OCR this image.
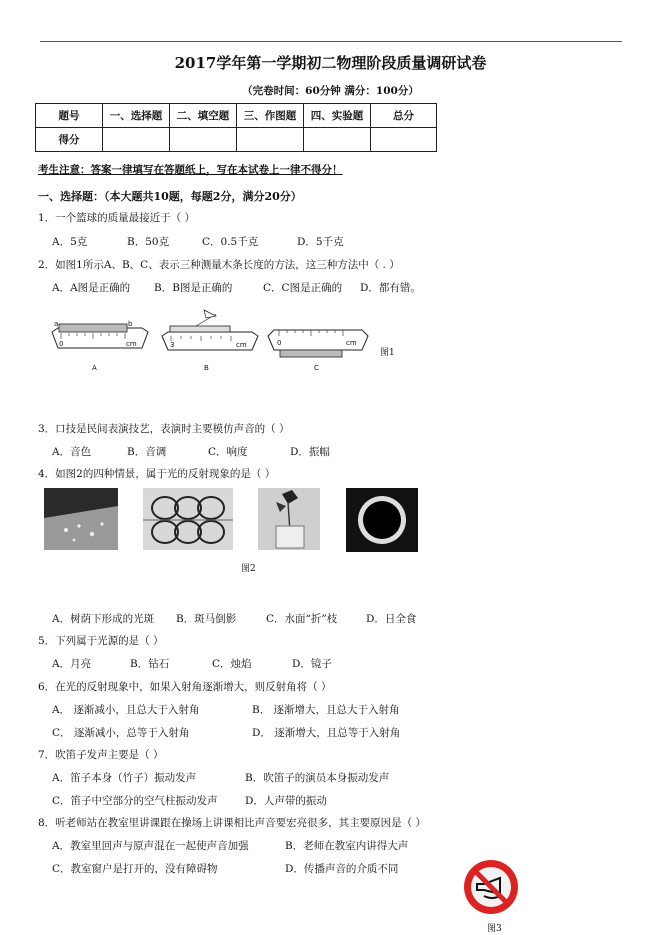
2017学年第一学期初二物理阶段质量调研试卷
（完卷时间：60分钟 满分：100分）
题号	一、选择题	二、填空题	三、作图题	四、实验题	总分
得分					
考生注意：答案一律填写在答题纸上，写在本试卷上一律不得分！
一、选择题：（本大题共10题，每题2分，满分20分）
1．一个篮球的质量最接近于（ ）
A．5克	B．50克	C．0.5千克	D．5千克
2．如图1所示A、B、C、表示三种测量木条长度的方法，这三种方法中（ . ）
A．A图是正确的 B．B图是正确的	C．C图是正确的 D．都有错。
0	cm
a	b
A
3	cm
B
0	cm
C
图1
3．口技是民间表演技艺，表演时主要模仿声音的（ ）
A．音色	B．音调	C．响度	D．振幅
4．如图2的四种情景，属于光的反射现象的是（ ）
图2
A．树荫下形成的光斑 B．斑马倒影	C．水面“折”枝	D．日全食
5．下列属于光源的是（ ）
A．月亮	B．钻石	C．烛焰	D．镜子
6．在光的反射现象中，如果入射角逐渐增大，则反射角将（ ）
A． 逐渐减小，且总大于入射角	B． 逐渐增大，且总大于入射角
C． 逐渐减小，总等于入射角	D． 逐渐增大，且总等于入射角
7．吹笛子发声主要是（ ）
A．笛子本身（竹子）振动发声	B．吹笛子的演员本身振动发声
C．笛子中空部分的空气柱振动发声	D．人声带的振动
8．听老师站在教室里讲课跟在操场上讲课相比声音要宏亮很多，其主要原因是（ ）
A．教室里回声与原声混在一起使声音加强	B．老师在教室内讲得大声
C．教室窗户是打开的，没有障碍物	D．传播声音的介质不同
图3
